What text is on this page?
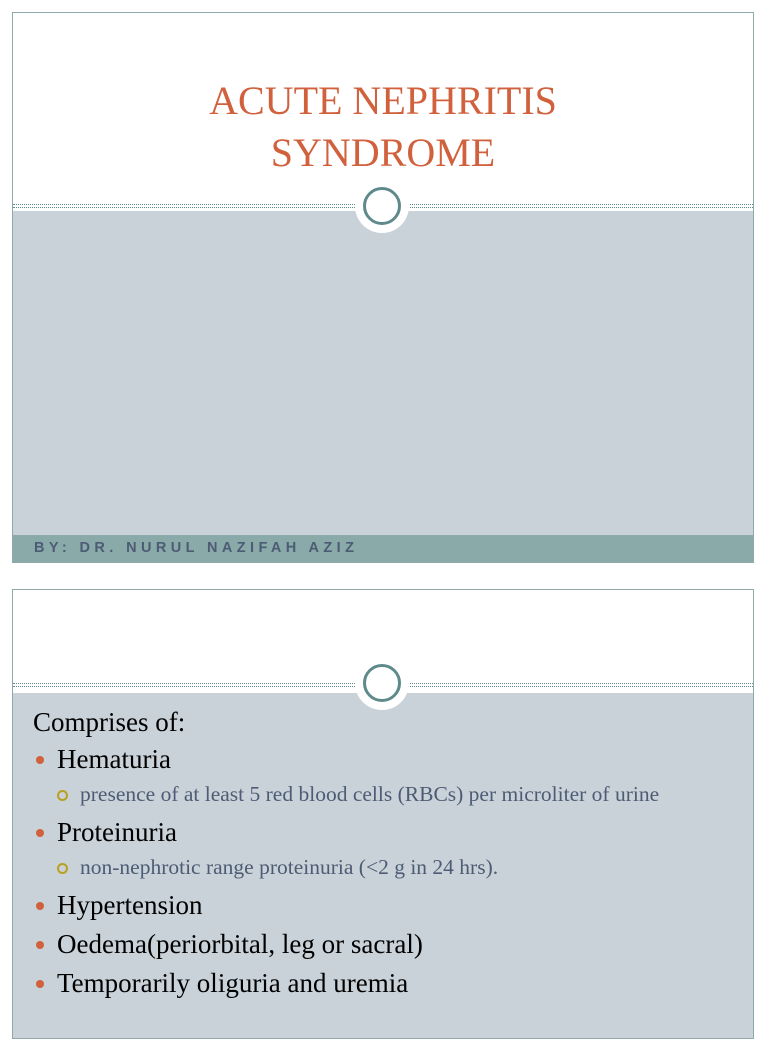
ACUTE NEPHRITIS
SYNDROME
BY: DR. NURUL NAZIFAH AZIZ
Comprises of:
Hematuria
presence of at least 5 red blood cells (RBCs) per microliter of urine
Proteinuria
non-nephrotic range proteinuria (<2 g in 24 hrs).
Hypertension
Oedema(periorbital, leg or sacral)
Temporarily oliguria and uremia
